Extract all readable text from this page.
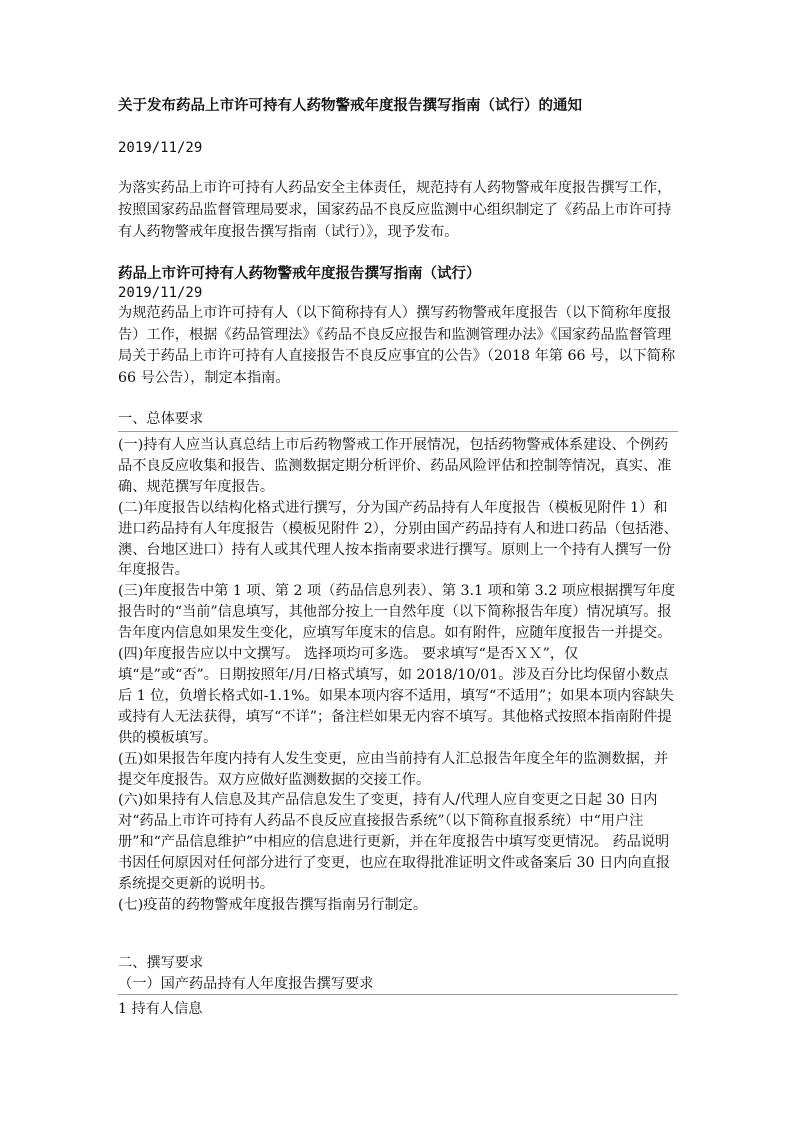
关于发布药品上市许可持有人药物警戒年度报告撰写指南（试行）的通知
2019/11/29
为落实药品上市许可持有人药品安全主体责任，规范持有人药物警戒年度报告撰写工作，按照国家药品监督管理局要求，国家药品不良反应监测中心组织制定了《药品上市许可持有人药物警戒年度报告撰写指南（试行）》，现予发布。
药品上市许可持有人药物警戒年度报告撰写指南（试行）
2019/11/29
为规范药品上市许可持有人（以下简称持有人）撰写药物警戒年度报告（以下简称年度报告）工作，根据《药品管理法》《药品不良反应报告和监测管理办法》《国家药品监督管理局关于药品上市许可持有人直接报告不良反应事宜的公告》（2018 年第 66 号，以下简称 66 号公告），制定本指南。
一、总体要求

(一)持有人应当认真总结上市后药物警戒工作开展情况，包括药物警戒体系建设、个例药品不良反应收集和报告、监测数据定期分析评价、药品风险评估和控制等情况，真实、准确、规范撰写年度报告。

(二)年度报告以结构化格式进行撰写，分为国产药品持有人年度报告（模板见附件 1）和进口药品持有人年度报告（模板见附件 2），分别由国产药品持有人和进口药品（包括港、澳、台地区进口）持有人或其代理人按本指南要求进行撰写。原则上一个持有人撰写一份年度报告。

(三)年度报告中第 1 项、第 2 项（药品信息列表）、第 3.1 项和第 3.2 项应根据撰写年度报告时的“当前”信息填写，其他部分按上一自然年度（以下简称报告年度）情况填写。报告年度内信息如果发生变化，应填写年度末的信息。如有附件，应随年度报告一并提交。

(四)年度报告应以中文撰写。 选择项均可多选。 要求填写“是否ＸＸ”，仅填“是”或“否”。日期按照年/月/日格式填写，如 2018/10/01。涉及百分比均保留小数点后 1 位，负增长格式如-1.1%。如果本项内容不适用，填写“不适用”；如果本项内容缺失或持有人无法获得，填写“不详”；备注栏如果无内容不填写。其他格式按照本指南附件提供的模板填写。

(五)如果报告年度内持有人发生变更，应由当前持有人汇总报告年度全年的监测数据，并提交年度报告。双方应做好监测数据的交接工作。

(六)如果持有人信息及其产品信息发生了变更，持有人/代理人应自变更之日起 30 日内对“药品上市许可持有人药品不良反应直接报告系统”（以下简称直报系统）中“用户注册”和“产品信息维护”中相应的信息进行更新，并在年度报告中填写变更情况。 药品说明书因任何原因对任何部分进行了变更，也应在取得批准证明文件或备案后 30 日内向直报系统提交更新的说明书。

(七)疫苗的药物警戒年度报告撰写指南另行制定。

二、撰写要求
（一）国产药品持有人年度报告撰写要求
1 持有人信息
